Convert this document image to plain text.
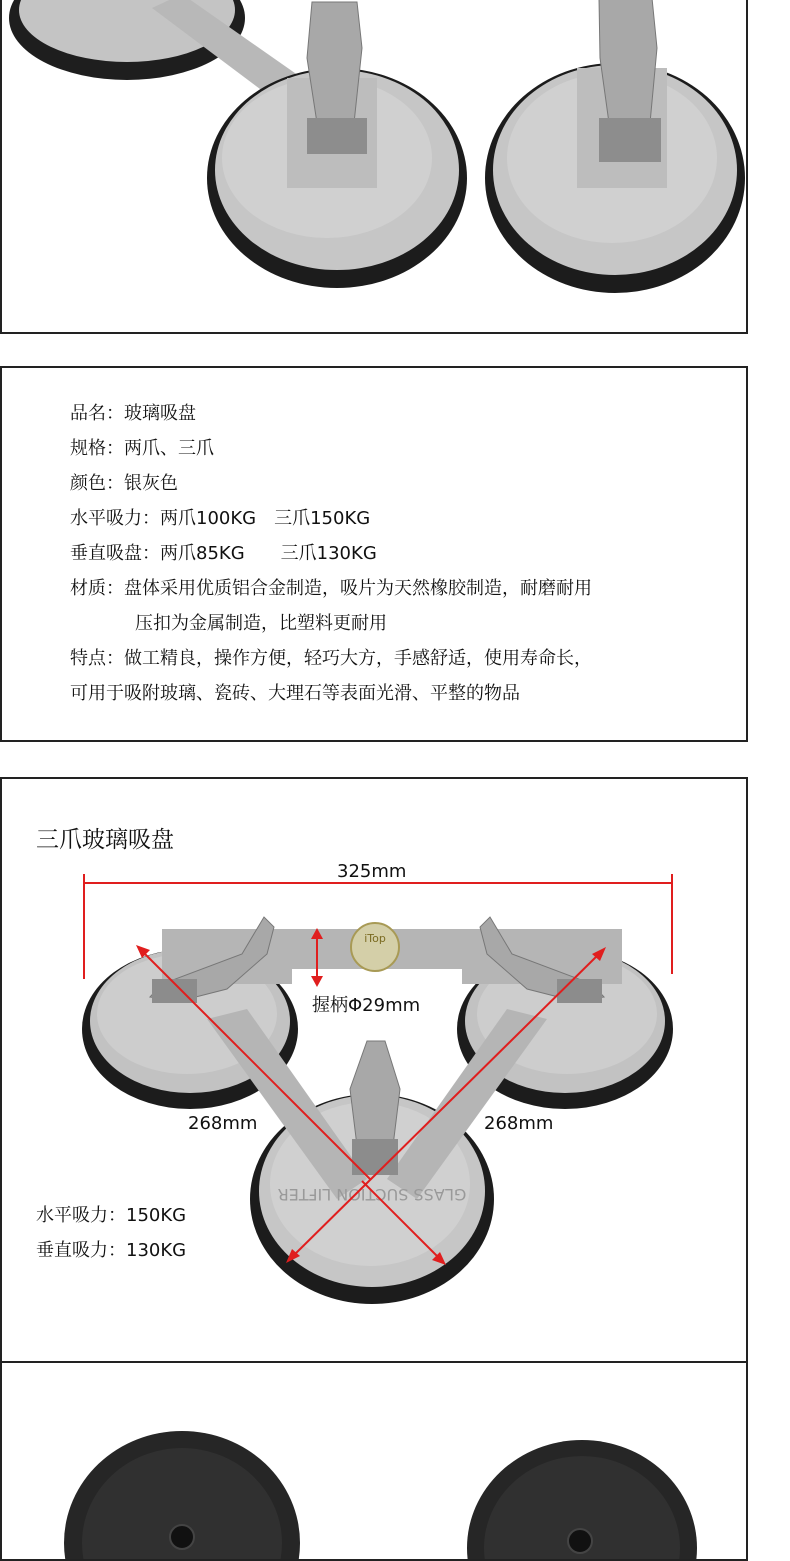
品名：玻璃吸盘
规格：两爪、三爪
颜色：银灰色
水平吸力：两爪100KG　三爪150KG
垂直吸盘：两爪85KG　　三爪130KG
材质：盘体采用优质铝合金制造，吸片为天然橡胶制造，耐磨耐用
压扣为金属制造，比塑料更耐用
特点：做工精良，操作方便，轻巧大方，手感舒适，使用寿命长，
可用于吸附玻璃、瓷砖、大理石等表面光滑、平整的物品
三爪玻璃吸盘
iTop
GLASS SUCTION LIFTER
325mm
握柄Φ29mm
268mm	268mm
水平吸力：150KG
垂直吸力：130KG
